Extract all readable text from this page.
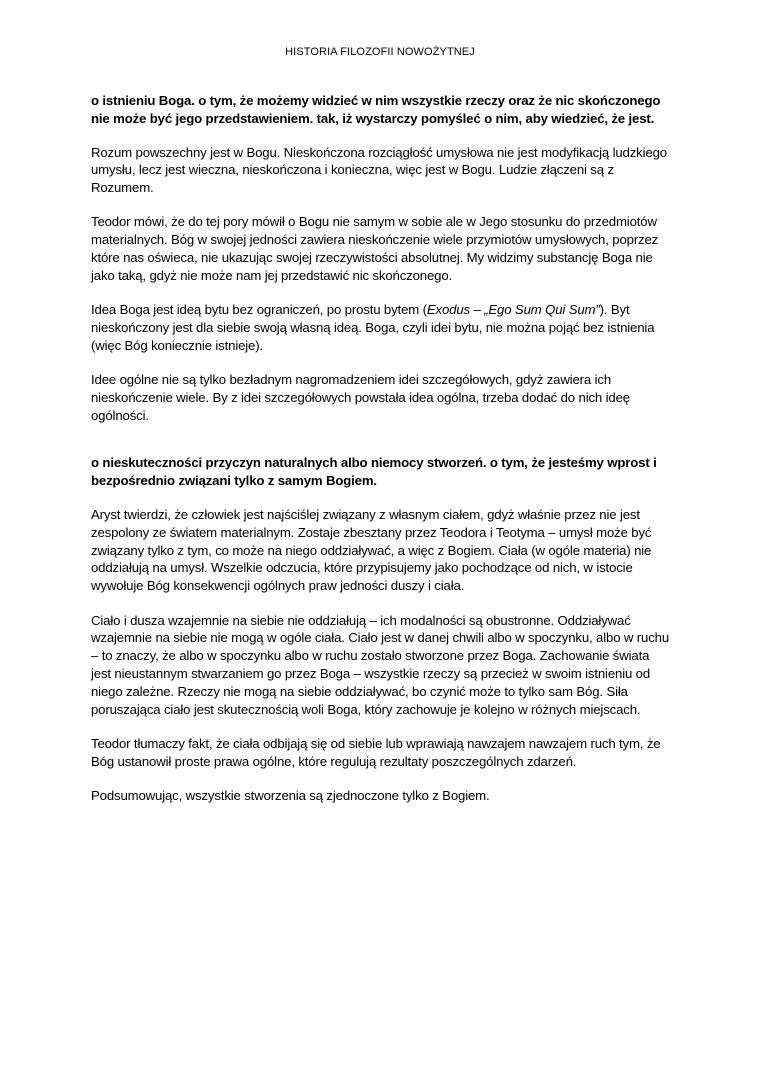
HISTORIA FILOZOFII NOWOŻYTNEJ

o istnieniu Boga. o tym, że możemy widzieć w nim wszystkie rzeczy oraz że nic skończonego nie może być jego przedstawieniem. tak, iż wystarczy pomyśleć o nim, aby wiedzieć, że jest.

Rozum powszechny jest w Bogu. Nieskończona rozciągłość umysłowa nie jest modyfikacją ludzkiego umysłu, lecz jest wieczna, nieskończona i konieczna, więc jest w Bogu. Ludzie złączeni są z Rozumem.

Teodor mówi, że do tej pory mówił o Bogu nie samym w sobie ale w Jego stosunku do przedmiotów materialnych. Bóg w swojej jedności zawiera nieskończenie wiele przymiotów umysłowych, poprzez które nas oświeca, nie ukazując swojej rzeczywistości absolutnej. My widzimy substancję Boga nie jako taką, gdyż nie może nam jej przedstawić nic skończonego.

Idea Boga jest ideą bytu bez ograniczeń, po prostu bytem (Exodus – „Ego Sum Qui Sum”). Byt nieskończony jest dla siebie swoją własną ideą. Boga, czyli idei bytu, nie można pojąć bez istnienia (więc Bóg koniecznie istnieje).

Idee ogólne nie są tylko bezładnym nagromadzeniem idei szczegółowych, gdyż zawiera ich nieskończenie wiele. By z idei szczegółowych powstała idea ogólna, trzeba dodać do nich ideę ogólności.

o nieskuteczności przyczyn naturalnych albo niemocy stworzeń. o tym, że jesteśmy wprost i bezpośrednio związani tylko z samym Bogiem.

Aryst twierdzi, że człowiek jest najściślej związany z własnym ciałem, gdyż właśnie przez nie jest zespolony ze światem materialnym. Zostaje zbesztany przez Teodora i Teotyma – umysł może być związany tylko z tym, co może na niego oddziaływać, a więc z Bogiem. Ciała (w ogóle materia) nie oddziałują na umysł. Wszelkie odczucia, które przypisujemy jako pochodzące od nich, w istocie wywołuje Bóg konsekwencji ogólnych praw jedności duszy i ciała.

Ciało i dusza wzajemnie na siebie nie oddziałują – ich modalności są obustronne. Oddziaływać wzajemnie na siebie nie mogą w ogóle ciała. Ciało jest w danej chwili albo w spoczynku, albo w ruchu – to znaczy, że albo w spoczynku albo w ruchu zostało stworzone przez Boga. Zachowanie świata jest nieustannym stwarzaniem go przez Boga – wszystkie rzeczy są przecież w swoim istnieniu od niego zależne. Rzeczy nie mogą na siebie oddziaływać, bo czynić może to tylko sam Bóg. Siła poruszająca ciało jest skutecznością woli Boga, który zachowuje je kolejno w różnych miejscach.

Teodor tłumaczy fakt, że ciała odbijają się od siebie lub wprawiają nawzajem nawzajem ruch tym, że Bóg ustanowił proste prawa ogólne, które regulują rezultaty poszczególnych zdarzeń.

Podsumowując, wszystkie stworzenia są zjednoczone tylko z Bogiem.
